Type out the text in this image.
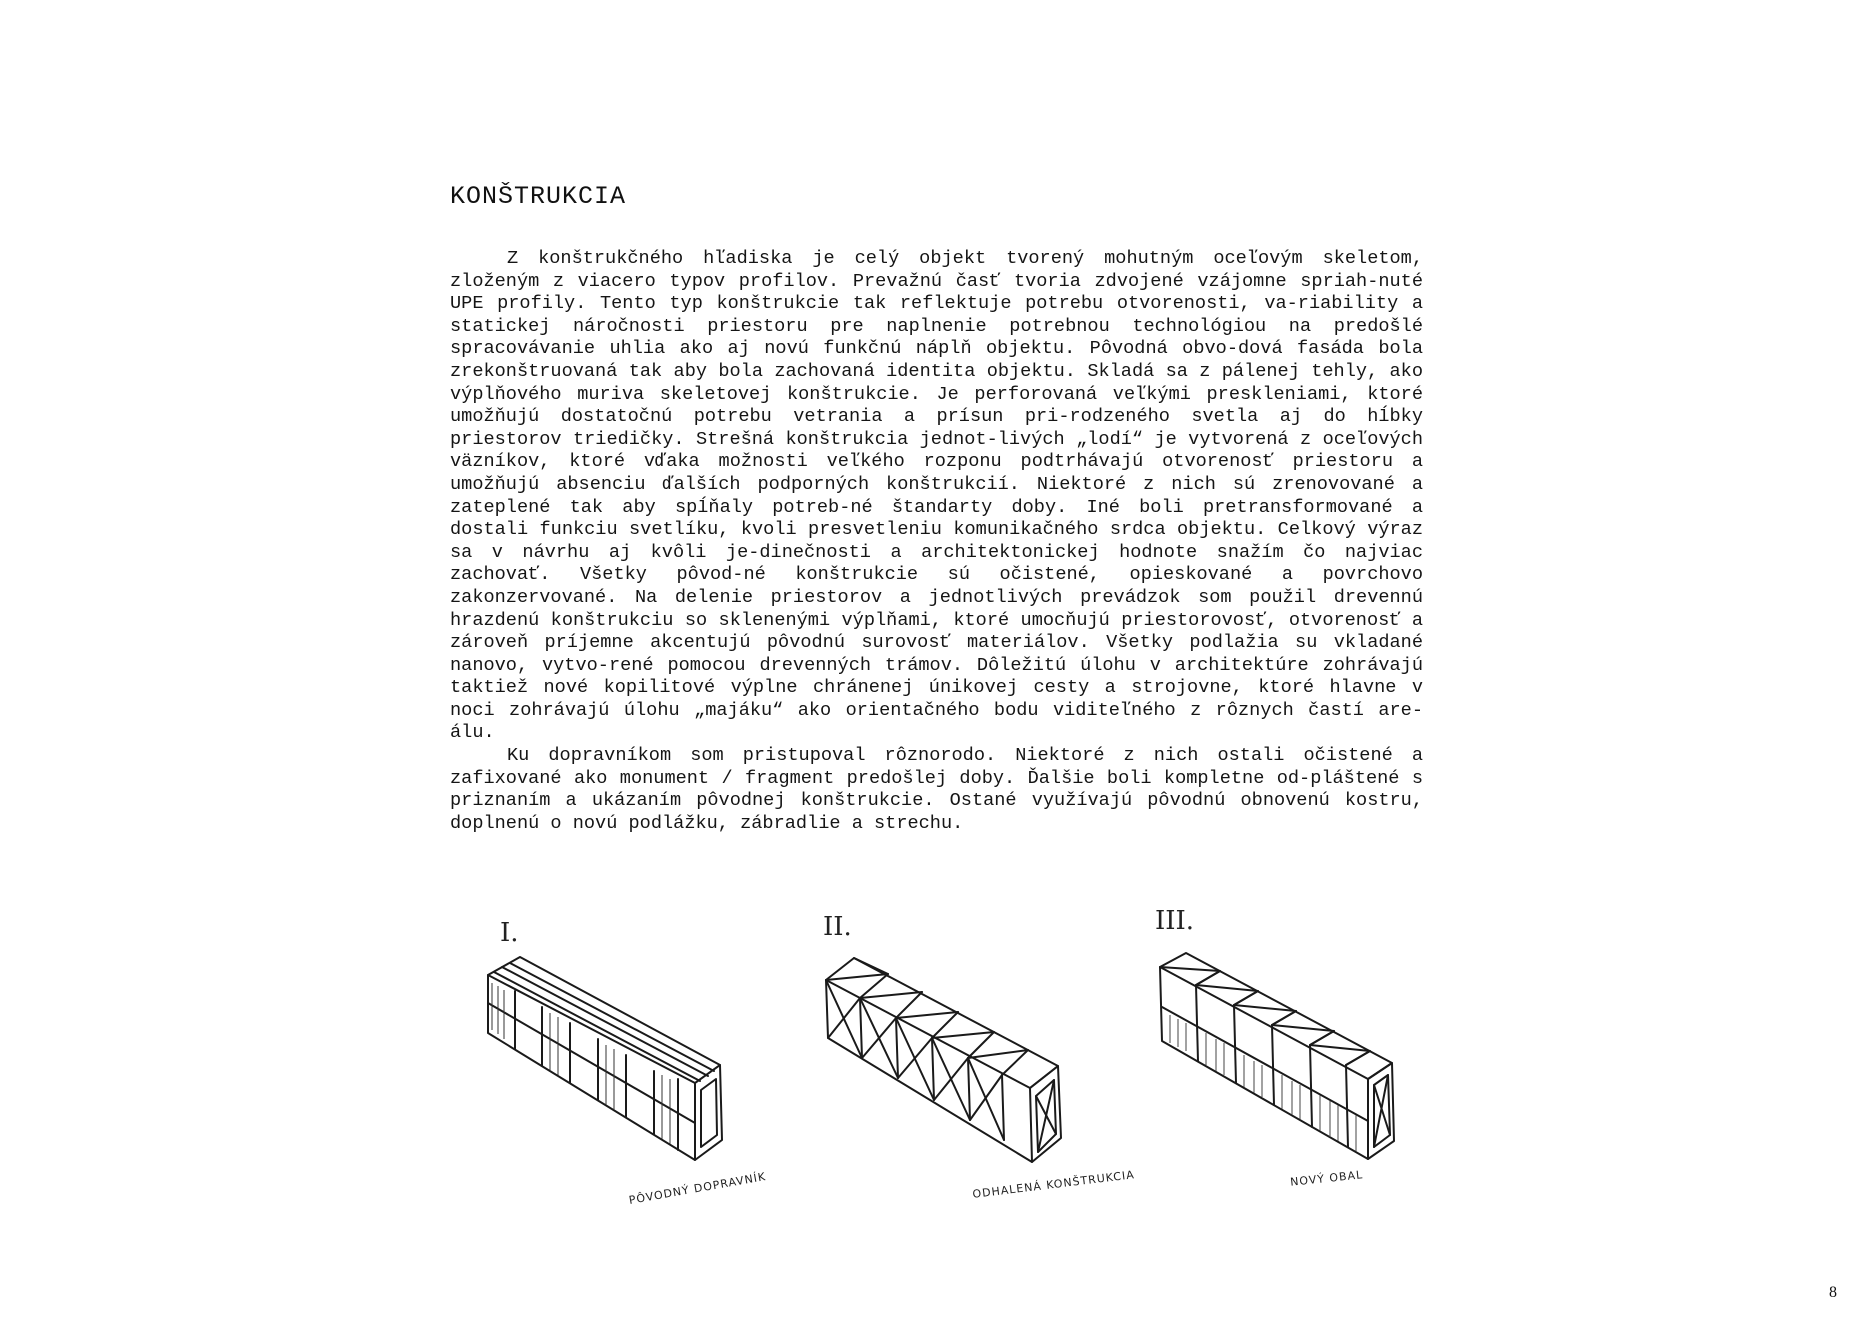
KONŠTRUKCIA

Z konštrukčného hľadiska je celý objekt tvorený mohutným oceľovým skeletom, zloženým z viacero typov profilov. Prevažnú časť tvoria zdvojené vzájomne spriah-nuté UPE profily. Tento typ konštrukcie tak reflektuje potrebu otvorenosti, va-riability a statickej náročnosti priestoru pre naplnenie potrebnou technológiou na predošlé spracovávanie uhlia ako aj novú funkčnú náplň objektu. Pôvodná obvo-dová fasáda bola zrekonštruovaná tak aby bola zachovaná identita objektu. Skladá sa z pálenej tehly, ako výplňového muriva skeletovej konštrukcie. Je perforovaná veľkými preskleniami, ktoré umožňujú dostatočnú potrebu vetrania a prísun pri-rodzeného svetla aj do hĺbky priestorov triedičky. Strešná konštrukcia jednot-livých „lodí“ je vytvorená z oceľových väzníkov, ktoré vďaka možnosti veľkého rozponu podtrhávajú otvorenosť priestoru a umožňujú absenciu ďalších podporných konštrukcií. Niektoré z nich sú zrenovované a zateplené tak aby spĺňaly potreb-né štandarty doby. Iné boli pretransformované a dostali funkciu svetlíku, kvoli presvetleniu komunikačného srdca objektu. Celkový výraz sa v návrhu aj kvôli je-dinečnosti a architektonickej hodnote snažím čo najviac zachovať. Všetky pôvod-né konštrukcie sú očistené, opieskované a povrchovo zakonzervované. Na delenie priestorov a jednotlivých prevádzok som použil drevennú hrazdenú konštrukciu so sklenenými výplňami, ktoré umocňujú priestorovosť, otvorenosť a zároveň príjemne akcentujú pôvodnú surovosť materiálov. Všetky podlažia su vkladané nanovo, vytvo-rené pomocou drevenných trámov. Dôležitú úlohu v architektúre zohrávajú taktiež nové kopilitové výplne chránenej únikovej cesty a strojovne, ktoré hlavne v noci zohrávajú úlohu „majáku“ ako orientačného bodu viditeľného z rôznych častí are-álu.

Ku dopravníkom som pristupoval rôznorodo. Niektoré z nich ostali očistené a zafixované ako monument / fragment predošlej doby. Ďalšie boli kompletne od-pláštené s priznaním a ukázaním pôvodnej konštrukcie. Ostané využívajú pôvodnú obnovenú kostru, doplnenú o novú podlážku, zábradlie a strechu.

I.
PÔVODNÝ DOPRAVNÍK
II.
ODHALENÁ KONŠTRUKCIA
III.
NOVÝ OBAL
8
